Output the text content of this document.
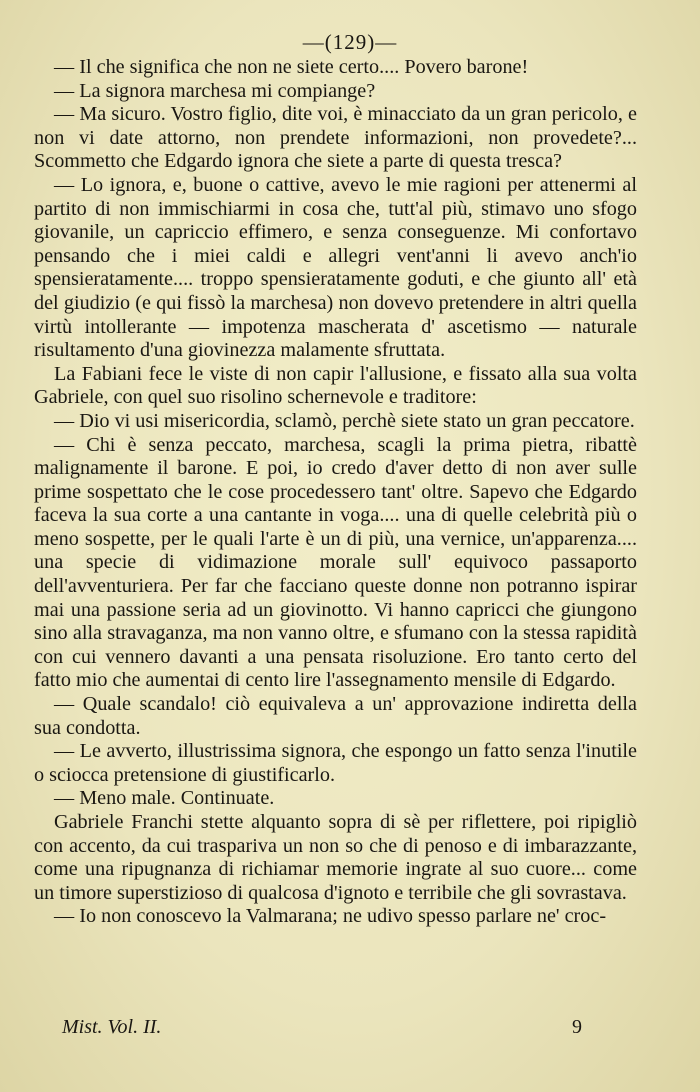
—(129)—

— Il che significa che non ne siete certo.... Povero barone!

— La signora marchesa mi compiange?

— Ma sicuro. Vostro figlio, dite voi, è minacciato da un gran pericolo, e non vi date attorno, non prendete informazioni, non provedete?... Scommetto che Edgardo ignora che siete a parte di questa tresca?

— Lo ignora, e, buone o cattive, avevo le mie ragioni per attenermi al partito di non immischiarmi in cosa che, tutt'al più, stimavo uno sfogo giovanile, un capriccio effimero, e senza conseguenze. Mi confortavo pensando che i miei caldi e allegri vent'anni li avevo anch'io spensieratamente.... troppo spensieratamente goduti, e che giunto all' età del giudizio (e qui fissò la marchesa) non dovevo pretendere in altri quella virtù intollerante — impotenza mascherata d' ascetismo — naturale risultamento d'una giovinezza malamente sfruttata.

La Fabiani fece le viste di non capir l'allusione, e fissato alla sua volta Gabriele, con quel suo risolino schernevole e traditore:

— Dio vi usi misericordia, sclamò, perchè siete stato un gran peccatore.

— Chi è senza peccato, marchesa, scagli la prima pietra, ribattè malignamente il barone. E poi, io credo d'aver detto di non aver sulle prime sospettato che le cose procedessero tant' oltre. Sapevo che Edgardo faceva la sua corte a una cantante in voga.... una di quelle celebrità più o meno sospette, per le quali l'arte è un di più, una vernice, un'apparenza.... una specie di vidimazione morale sull' equivoco passaporto dell'avventuriera. Per far che facciano queste donne non potranno ispirar mai una passione seria ad un giovinotto. Vi hanno capricci che giungono sino alla stravaganza, ma non vanno oltre, e sfumano con la stessa rapidità con cui vennero davanti a una pensata risoluzione. Ero tanto certo del fatto mio che aumentai di cento lire l'assegnamento mensile di Edgardo.

— Quale scandalo! ciò equivaleva a un' approvazione indiretta della sua condotta.

— Le avverto, illustrissima signora, che espongo un fatto senza l'inutile o sciocca pretensione di giustificarlo.

— Meno male. Continuate.

Gabriele Franchi stette alquanto sopra di sè per riflettere, poi ripigliò con accento, da cui traspariva un non so che di penoso e di imbarazzante, come una ripugnanza di richiamar memorie ingrate al suo cuore... come un timore superstizioso di qualcosa d'ignoto e terribile che gli sovrastava.

— Io non conoscevo la Valmarana; ne udivo spesso parlare ne' croc-

Mist. Vol. II.	9
